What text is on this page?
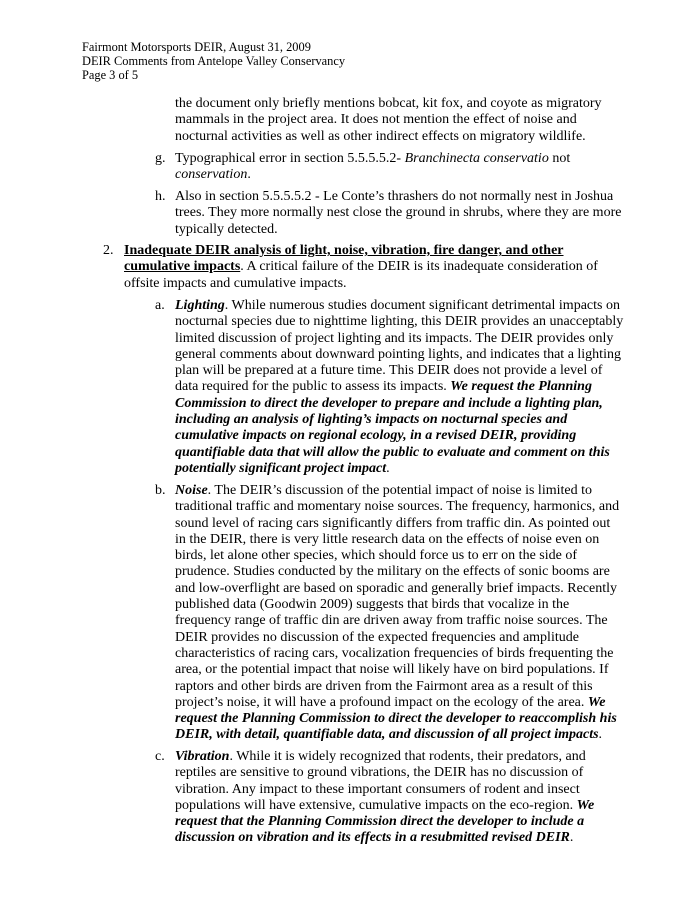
Fairmont Motorsports DEIR, August 31, 2009
DEIR Comments from Antelope Valley Conservancy
Page 3 of 5
the document only briefly mentions bobcat, kit fox, and coyote as migratory
mammals in the project area. It does not mention the effect of noise and
nocturnal activities as well as other indirect effects on migratory wildlife.
g. Typographical error in section 5.5.5.5.2- Branchinecta conservatio not
conservation.
h. Also in section 5.5.5.5.2 - Le Conte’s thrashers do not normally nest in Joshua
trees. They more normally nest close the ground in shrubs, where they are more
typically detected.
2. Inadequate DEIR analysis of light, noise, vibration, fire danger, and other
cumulative impacts. A critical failure of the DEIR is its inadequate consideration of
offsite impacts and cumulative impacts.
a. Lighting. While numerous studies document significant detrimental impacts on
nocturnal species due to nighttime lighting, this DEIR provides an unacceptably
limited discussion of project lighting and its impacts. The DEIR provides only
general comments about downward pointing lights, and indicates that a lighting
plan will be prepared at a future time. This DEIR does not provide a level of
data required for the public to assess its impacts. We request the Planning
Commission to direct the developer to prepare and include a lighting plan,
including an analysis of lighting’s impacts on nocturnal species and
cumulative impacts on regional ecology, in a revised DEIR, providing
quantifiable data that will allow the public to evaluate and comment on this
potentially significant project impact.
b. Noise. The DEIR’s discussion of the potential impact of noise is limited to
traditional traffic and momentary noise sources. The frequency, harmonics, and
sound level of racing cars significantly differs from traffic din. As pointed out
in the DEIR, there is very little research data on the effects of noise even on
birds, let alone other species, which should force us to err on the side of
prudence. Studies conducted by the military on the effects of sonic booms are
and low-overflight are based on sporadic and generally brief impacts. Recently
published data (Goodwin 2009) suggests that birds that vocalize in the
frequency range of traffic din are driven away from traffic noise sources. The
DEIR provides no discussion of the expected frequencies and amplitude
characteristics of racing cars, vocalization frequencies of birds frequenting the
area, or the potential impact that noise will likely have on bird populations. If
raptors and other birds are driven from the Fairmont area as a result of this
project’s noise, it will have a profound impact on the ecology of the area. We
request the Planning Commission to direct the developer to reaccomplish his
DEIR, with detail, quantifiable data, and discussion of all project impacts.
c. Vibration. While it is widely recognized that rodents, their predators, and
reptiles are sensitive to ground vibrations, the DEIR has no discussion of
vibration. Any impact to these important consumers of rodent and insect
populations will have extensive, cumulative impacts on the eco-region. We
request that the Planning Commission direct the developer to include a
discussion on vibration and its effects in a resubmitted revised DEIR.
